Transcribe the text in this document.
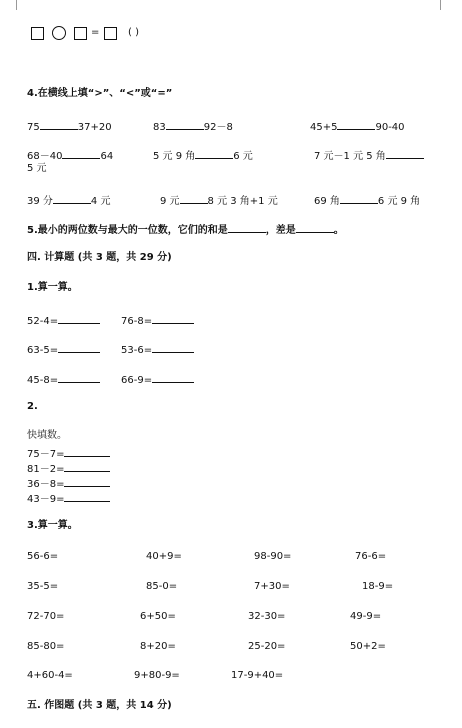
=	( )
4.在横线上填“>”、“<”或“=”
75	37+20	83	92－8	45+5	90-40
68－40	64	5 元 9 角	6 元	7 元－1 元 5 角
5 元
39 分	4 元	9 元	8 元 3 角+1 元	69 角	6 元 9 角
5.最小的两位数与最大的一位数，它们的和是	，差是	。
四. 计算题 (共 3 题，共 29 分)
1.算一算。
52-4=	76-8=
63-5=	53-6=
45-8=	66-9=
2.
快填数。
75－7=
81－2=
36－8=
43－9=
3.算一算。
56-6=	40+9=	98-90=	76-6=
35-5=	85-0=	7+30=	18-9=
72-70=	6+50=	32-30=	49-9=
85-80=	8+20=	25-20=	50+2=
4+60-4=	9+80-9=	17-9+40=
五. 作图题 (共 3 题，共 14 分)
